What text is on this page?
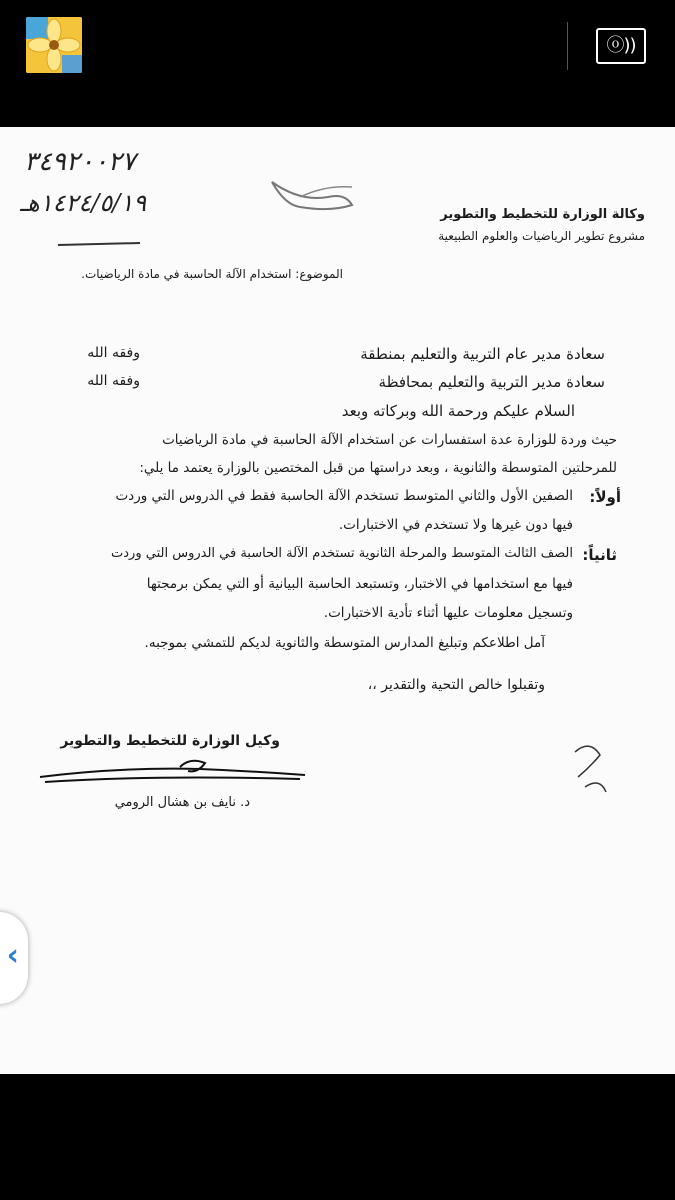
ⓞ))
٣٤٩٢٠٠٢٧
١٤٢٤/٥/١٩هـ	وكالة الوزارة للتخطيط والتطوير
مشروع تطوير الرياضيات والعلوم الطبيعية
الموضوع: استخدام الآلة الحاسبة في مادة الرياضيات.
سعادة مدير عام التربية والتعليم بمنطقة
وفقه الله
سعادة مدير التربية والتعليم بمحافظة
وفقه الله
السلام عليكم ورحمة الله وبركاته وبعد
حيث وردة للوزارة عدة استفسارات عن استخدام الآلة الحاسبة في مادة الرياضيات
للمرحلتين المتوسطة والثانوية ، وبعد دراستها من قبل المختصين بالوزارة يعتمد ما يلي:
أولاً:
الصفين الأول والثاني المتوسط تستخدم الآلة الحاسبة فقط في الدروس التي وردت
فيها دون غيرها ولا تستخدم في الاختبارات.
ثانياً:
الصف الثالث المتوسط والمرحلة الثانوية تستخدم الآلة الحاسبة في الدروس التي وردت
فيها مع استخدامها في الاختبار، وتستبعد الحاسبة البيانية أو التي يمكن برمجتها
وتسجيل معلومات عليها أثناء تأدية الاختبارات.
آمل اطلاعكم وتبليغ المدارس المتوسطة والثانوية لديكم للتمشي بموجبه.
وتقبلوا خالص التحية والتقدير ،،
وكيل الوزارة للتخطيط والتطوير
د. نايف بن هشال الرومي
‹
